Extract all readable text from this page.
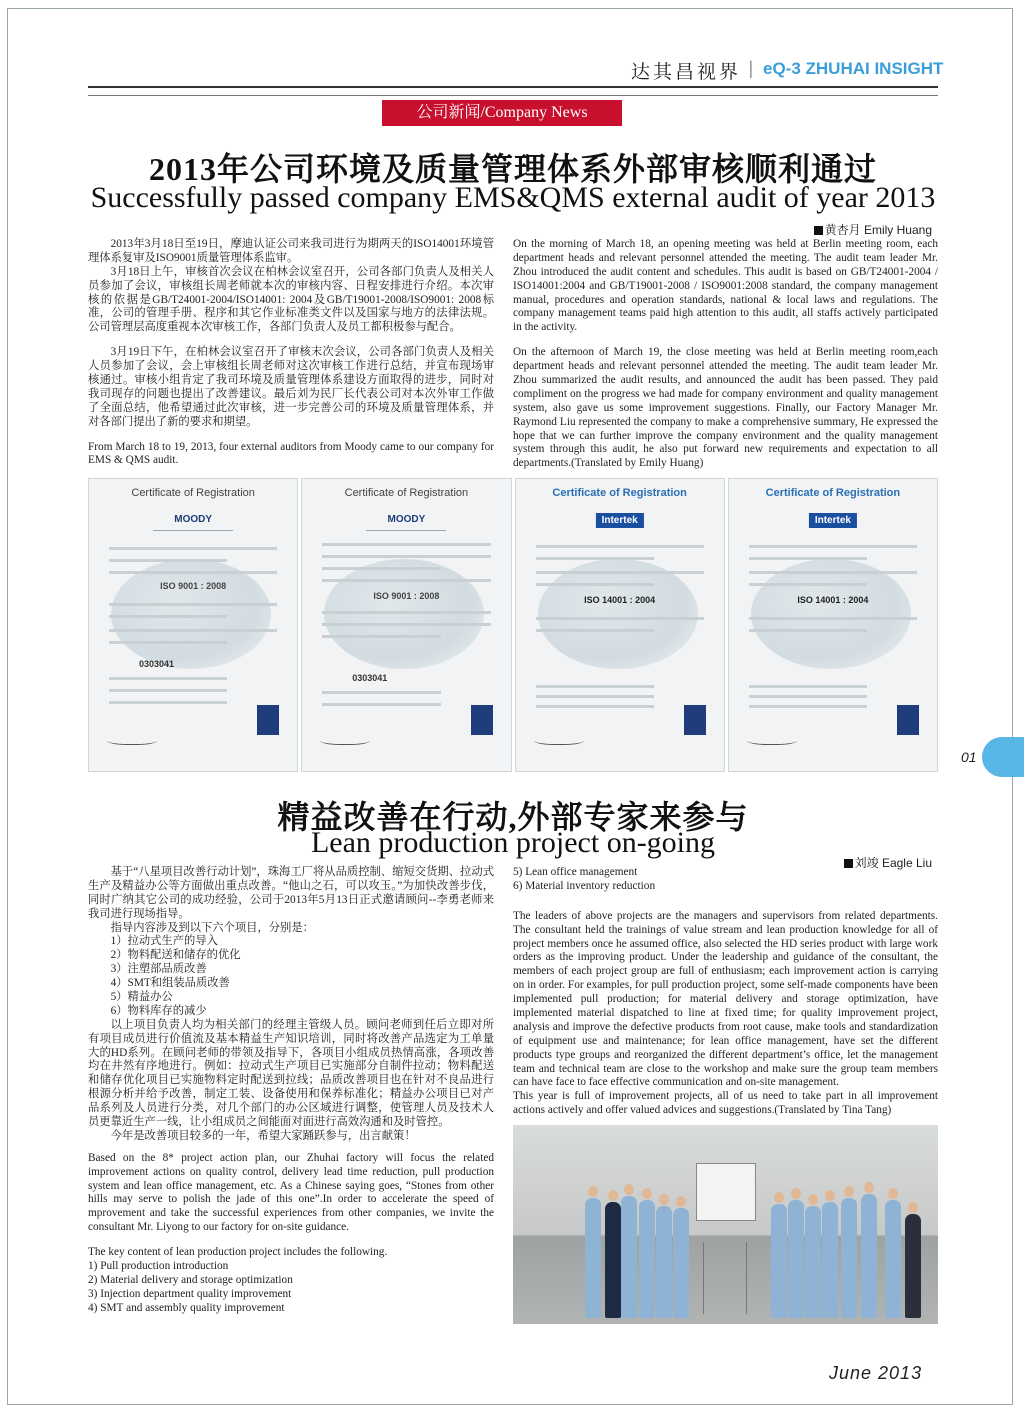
达其昌视界 | eQ-3 ZHUHAI INSIGHT
公司新闻/Company News
2013年公司环境及质量管理体系外部审核顺利通过
Successfully passed company EMS&QMS external audit of year 2013
黄杏月 Emily Huang

2013年3月18日至19日，摩迪认证公司来我司进行为期两天的ISO14001环境管理体系复审及ISO9001质量管理体系监审。

3月18日上午，审核首次会议在柏林会议室召开，公司各部门负责人及相关人员参加了会议，审核组长周老师就本次的审核内容、日程安排进行介绍。本次审核的依据是GB/T24001-2004/ISO14001: 2004及GB/T19001-2008/ISO9001: 2008标准，公司的管理手册、程序和其它作业标准类文件以及国家与地方的法律法规。公司管理层高度重视本次审核工作，各部门负责人及员工都积极参与配合。

3月19日下午，在柏林会议室召开了审核末次会议，公司各部门负责人及相关人员参加了会议，会上审核组长周老师对这次审核工作进行总结，并宣布现场审核通过。审核小组肯定了我司环境及质量管理体系建设方面取得的进步，同时对我司现存的问题也提出了改善建议。最后刘为民厂长代表公司对本次外审工作做了全面总结，他希望通过此次审核，进一步完善公司的环境及质量管理体系，并对各部门提出了新的要求和期望。

From March 18 to 19, 2013, four external auditors from Moody came to our company for EMS & QMS audit.

On the morning of March 18, an opening meeting was held at Berlin meeting room, each department heads and relevant personnel attended the meeting. The audit team leader Mr. Zhou introduced the audit content and schedules. This audit is based on GB/T24001-2004 / ISO14001:2004 and GB/T19001-2008 / ISO9001:2008 standard, the company management manual, procedures and operation standards, national & local laws and regulations. The company management teams paid high attention to this audit, all staffs actively participated in the activity.

On the afternoon of March 19, the close meeting was held at Berlin meeting room,each department heads and relevant personnel attended the meeting. The audit team leader Mr. Zhou summarized the audit results, and announced the audit has been passed. They paid compliment on the progress we had made for company environment and quality management system, also gave us some improvement suggestions. Finally, our Factory Manager Mr. Raymond Liu represented the company to make a comprehensive summary, He expressed the hope that we can further improve the company environment and the quality management system through this audit, he also put forward new requirements and expectation to all departments.(Translated by Emily Huang)

Certificate of Registration
MOODY
ISO 9001 : 2008
0303041
Certificate of Registration
MOODY
ISO 9001 : 2008
0303041
Certificate of Registration
Intertek
ISO 14001 : 2004
Certificate of Registration
Intertek
ISO 14001 : 2004
01
精益改善在行动,外部专家来参与
Lean production project on-going
刘竣 Eagle Liu

基于“八星项目改善行动计划”，珠海工厂将从品质控制、缩短交货期、拉动式生产及精益办公等方面做出重点改善。“他山之石，可以攻玉。”为加快改善步伐，同时广纳其它公司的成功经验，公司于2013年5月13日正式邀请顾问--李勇老师来我司进行现场指导。

指导内容涉及到以下六个项目，分别是：

1）拉动式生产的导入

2）物料配送和储存的优化

3）注塑部品质改善

4）SMT和组装品质改善

5）精益办公

6）物料库存的减少

以上项目负责人均为相关部门的经理主管级人员。顾问老师到任后立即对所有项目成员进行价值流及基本精益生产知识培训，同时将改善产品选定为工单量大的HD系列。在顾问老师的带领及指导下，各项目小组成员热情高涨，各项改善均在井然有序地进行。例如：拉动式生产项目已实施部分自制件拉动；物料配送和储存优化项目已实施物料定时配送到拉线；品质改善项目也在针对不良品进行根源分析并给予改善，制定工装、设备使用和保养标准化；精益办公项目已对产品系列及人员进行分类，对几个部门的办公区域进行调整，使管理人员及技术人员更靠近生产一线，让小组成员之间能面对面进行高效沟通和及时管控。

今年是改善项目较多的一年，希望大家踊跃参与，出言献策！

Based on the 8* project action plan, our Zhuhai factory will focus the related improvement actions on quality control, delivery lead time reduction, pull production system and lean office management, etc. As a Chinese saying goes, “Stones from other hills may serve to polish the jade of this one”.In order to accelerate the speed of mprovement and take the successful experiences from other companies, we invite the consultant Mr. Liyong to our factory for on-site guidance.

The key content of lean production project includes the following.

1) Pull production introduction

2) Material delivery and storage optimization

3) Injection department quality improvement

4) SMT and assembly quality improvement

5) Lean office management

6) Material inventory reduction

The leaders of above projects are the managers and supervisors from related departments. The consultant held the trainings of value stream and lean production knowledge for all of project members once he assumed office, also selected the HD series product with large work orders as the improving product. Under the leadership and guidance of the consultant, the members of each project group are full of enthusiasm; each improvement action is carrying on in order. For examples, for pull production project, some self-made components have been implemented pull production; for material delivery and storage optimization, have implemented material dispatched to line at fixed time; for quality improvement project, analysis and improve the defective products from root cause, make tools and standardization of equipment use and maintenance; for lean office management, have set the different products type groups and reorganized the different department’s office, let the management team and technical team are close to the workshop and make sure the group team members can have face to face effective communication and on-site management.

This year is full of improvement projects, all of us need to take part in all improvement actions actively and offer valued advices and suggestions.(Translated by Tina Tang)

June 2013
